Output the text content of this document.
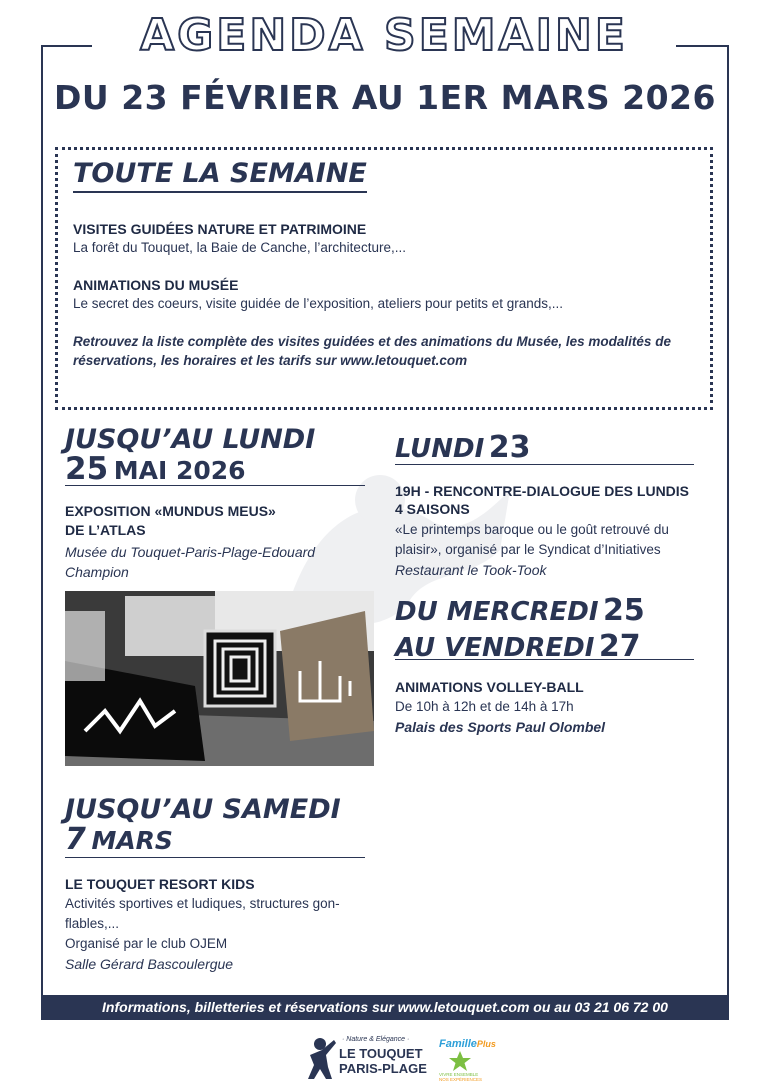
AGENDA SEMAINE
DU 23 FÉVRIER AU 1ER MARS 2026
TOUTE LA SEMAINE
VISITES GUIDÉES NATURE ET PATRIMOINE
La forêt du Touquet, la Baie de Canche, l’architecture,...
ANIMATIONS DU MUSÉE
Le secret des coeurs, visite guidée de l’exposition, ateliers pour petits et grands,...
Retrouvez la liste complète des visites guidées et des animations du Musée, les modalités de
réservations, les horaires et les tarifs sur www.letouquet.com
JUSQU’AU LUNDI
25 MAI 2026
EXPOSITION «MUNDUS MEUS»
DE L’ATLAS
Musée du Touquet-Paris-Plage-Edouard
Champion
JUSQU’AU SAMEDI
7 MARS
LE TOUQUET RESORT KIDS
Activités sportives et ludiques, structures gon-
flables,...
Organisé par le club OJEM
Salle Gérard Bascoulergue
LUNDI 23
19H - RENCONTRE-DIALOGUE DES LUNDIS
4 SAISONS
«Le printemps baroque ou le goût retrouvé du
plaisir», organisé par le Syndicat d’Initiatives
Restaurant le Took-Took
DU MERCREDI 25
AU VENDREDI 27
ANIMATIONS VOLLEY-BALL
De 10h à 12h et de 14h à 17h
Palais des Sports Paul Olombel
Informations, billetteries et réservations sur www.letouquet.com ou au 03 21 06 72 00
· Nature & Elégance ·
LE TOUQUET
PARIS-PLAGE
FamillePlus
VIVRE ENSEMBLE
NOS EXPÉRIENCES
